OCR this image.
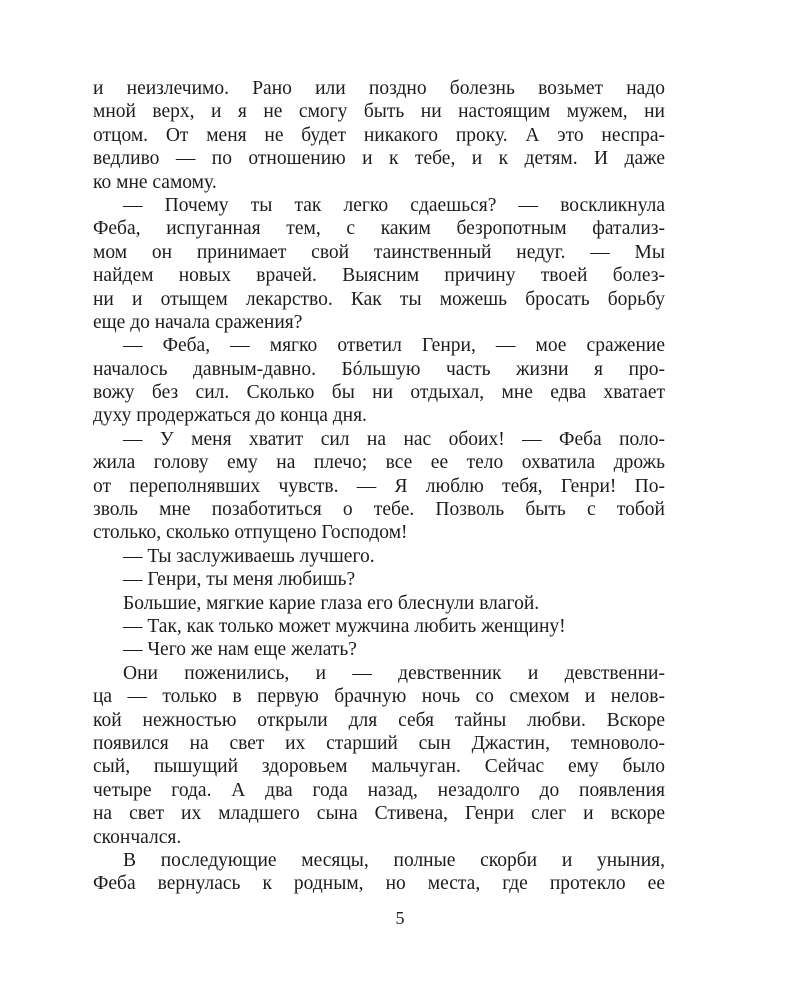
и неизлечимо. Рано или поздно болезнь возьмет надо
мной верх, и я не смогу быть ни настоящим мужем, ни
отцом. От меня не будет никакого проку. А это неспра-
ведливо — по отношению и к тебе, и к детям. И даже
ко мне самому.
— Почему ты так легко сдаешься? — воскликнула
Феба, испуганная тем, с каким безропотным фатализ-
мом он принимает свой таинственный недуг. — Мы
найдем новых врачей. Выясним причину твоей болез-
ни и отыщем лекарство. Как ты можешь бросать борьбу
еще до начала сражения?
— Феба, — мягко ответил Генри, — мое сражение
началось давным-давно. Бóльшую часть жизни я про-
вожу без сил. Сколько бы ни отдыхал, мне едва хватает
духу продержаться до конца дня.
— У меня хватит сил на нас обоих! — Феба поло-
жила голову ему на плечо; все ее тело охватила дрожь
от переполнявших чувств. — Я люблю тебя, Генри! По-
зволь мне позаботиться о тебе. Позволь быть с тобой
столько, сколько отпущено Господом!
— Ты заслуживаешь лучшего.
— Генри, ты меня любишь?
Большие, мягкие карие глаза его блеснули влагой.
— Так, как только может мужчина любить женщину!
— Чего же нам еще желать?
Они поженились, и — девственник и девственни-
ца — только в первую брачную ночь со смехом и нелов-
кой нежностью открыли для себя тайны любви. Вскоре
появился на свет их старший сын Джастин, темноволо-
сый, пышущий здоровьем мальчуган. Сейчас ему было
четыре года. А два года назад, незадолго до появления
на свет их младшего сына Стивена, Генри слег и вскоре
скончался.
В последующие месяцы, полные скорби и уныния,
Феба вернулась к родным, но места, где протекло ее
5
